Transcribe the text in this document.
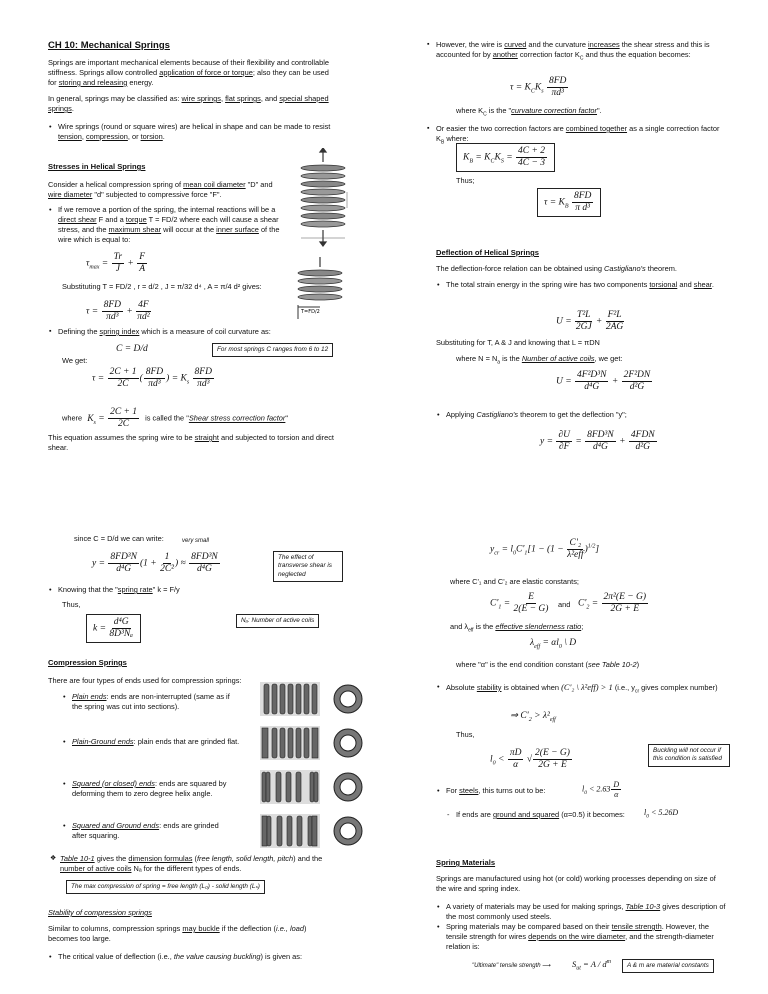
CH 10: Mechanical Springs
Springs are important mechanical elements because of their flexibility and controllable stiffness. Springs allow controlled application of force or torque; also they can be used for storing and releasing energy.
In general, springs may be classified as: wire springs, flat springs, and special shaped springs.
• Wire springs (round or square wires) are helical in shape and can be made to resist tension, compression, or torsion.
Stresses in Helical Springs
Consider a helical compression spring of mean coil diameter "D" and wire diameter "d" subjected to compressive force "F".
• If we remove a portion of the spring, the internal reactions will be a direct shear F and a torque T = FD/2 where each will cause a shear stress, and the maximum shear will occur at the inner surface of the wire which is equal to:
$\tau_{max} = \frac{Tr}{J} + \frac{F}{A}$
Substituting T = FD/2 , r = d/2 , J = π/32 d⁴ , A = π/4 d² gives:
$\tau = \frac{8FD}{\text{πd³}} + \frac{4F}{\text{πd²}}$	T=FD/2
▪ Defining the spring index which is a measure of coil curvature as:
C = D/d	For most springs C ranges from 6 to 12
We get:
$\tau = \frac{2C + 1}{2C}$ ( $\frac{8FD}{\text{πd³}}$ ) = $K_s \frac{8FD}{\text{πd³}}$
where $K_s = \frac{2C + 1}{2C}$ is called the "Shear stress correction factor"
This equation assumes the spring wire to be straight and subjected to torsion and direct shear.
since C = D/d we can write:	very small
$y = \frac{\text{8FD³N}}{\text{d⁴G}} (1 + \frac{1}{\text{2C²}}$ ) ≈ $\frac{\text{8FD³N}}{\text{d⁴G}}$	The effect of transverse shear is neglected
• Knowing that the "spring rate" k = F/y
Thus,
$k = \frac{\text{d⁴G}}{\text{8D³Nₐ}}$	Nₐ: Number of active coils
Compression Springs
There are four types of ends used for compression springs:
• Plain ends: ends are non-interrupted (same as if the spring was cut into sections).
• Plain-Ground ends: plain ends that are grinded flat.
• Squared (or closed) ends: ends are squared by deforming them to zero degree helix angle.
• Squared and Ground ends: ends are grinded after squaring.
❖ Table 10-1 gives the dimension formulas (free length, solid length, pitch) and the number of active coils Nₐ for the different types of ends.
The max compression of spring = free length (L₀) - solid length (Lₛ)
Stability of compression springs
Similar to columns, compression springs may buckle if the deflection (i.e., load) becomes too large.
• The critical value of deflection (i.e., the value causing buckling) is given as:
▪ However, the wire is curved and the curvature increases the shear stress and this is accounted for by another correction factor $K_C$ and thus the equation becomes:
$\tau = K_CK_s \frac{8FD}{\text{πd³}}$
where $K_C$ is the "curvature correction factor".
▪ Or easier the two correction factors are combined together as a single correction factor $K_B$ where:
$K_B = K_CK_S = \frac{4C + 2}{4C - 3}$
Thus;
$\tau = K_B \frac{8FD}{\text{π d³}}$
Deflection of Helical Springs
The deflection-force relation can be obtained using Castigliano's theorem.
• The total strain energy in the spring wire has two components torsional and shear.
$U = \frac{\text{T²L}}{2GJ} + \frac{\text{F²L}}{2AG}$
Substituting for T, A & J and knowing that L = πDN
where $N = N_a$ is the Number of active coils, we get:
$U = \frac{\text{4F²D³N}}{\text{d⁴G}} + \frac{\text{2F²DN}}{\text{d²G}}$
• Applying Castigliano's theorem to get the deflection "y";
$y = \frac{\partial U}{\partial F} = \frac{\text{8FD³N}}{\text{d⁴G}} + \frac{\text{4FDN}}{\text{d²G}}$
$y_{cr} = l_0C'_1[1 - (1 - \frac{\text{C'₂}}{\text{λ²eff}} )^{1/2}]$
where C'₁ and C'₂ are elastic constants;
$C'_1 = \frac{E}{2(E - G)}$ and $C'_2 = \frac{\text{2π²(E − G)}}{2G + E}$
and $\lambda_{eff}$ is the effective slenderness ratio;
$\lambda_{eff} = \alpha l_0$ \ D
where "α" is the end condition constant (see Table 10-2)
• Absolute stability is obtained when (C'₂ \ λ²eff) > 1 (i.e., $y_{cr}$ gives complex number)
⇒ $C'_2 > \lambda^2_{eff}$
Thus,
$l_0 < \frac{\pi D}{\alpha}$ √ $\frac{2(E - G)}{2G + E}$	Buckling will not occur if this condition is satisfied
• For steels, this turns out to be:	$l_0 < 2.63 \frac{D}{\alpha}$
- If ends are ground and squared (α=0.5) it becomes: $l_0 < 5.26D$
Spring Materials
Springs are manufactured using hot (or cold) working processes depending on size of the wire and spring index.
• A variety of materials may be used for making springs, Table 10-3 gives description of the most commonly used steels.
• Spring materials may be compared based on their tensile strength. However, the tensile strength for wires depends on the wire diameter, and the strength-diameter relation is:
"Ultimate" tensile strength ⟶ $S_{ut} = A / d^m$	A & m are material constants
